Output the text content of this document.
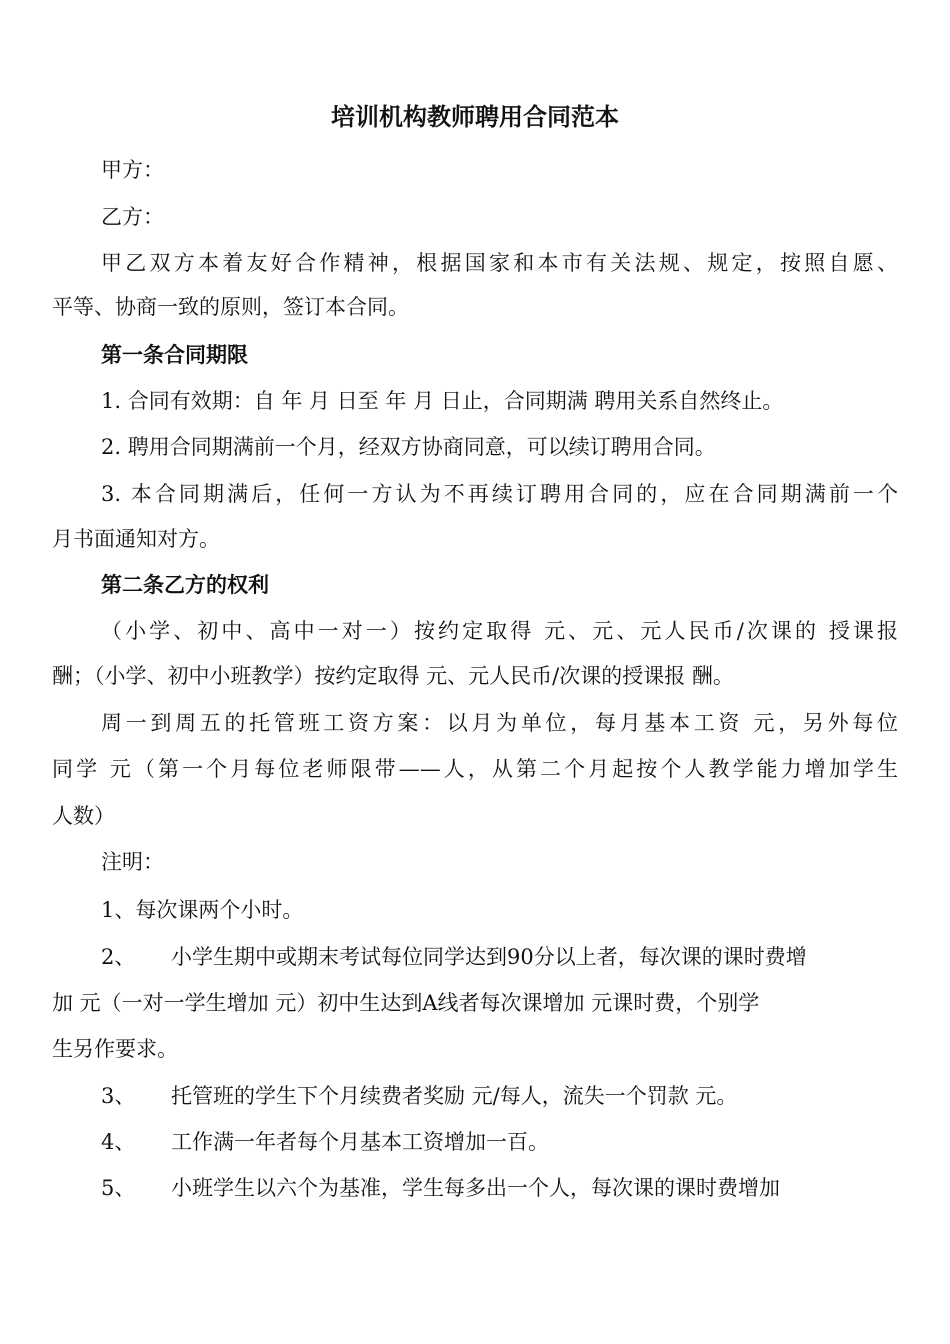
培训机构教师聘用合同范本
甲方：
乙方：
甲乙双方本着友好合作精神，根据国家和本市有关法规、规定，按照自愿、
平等、协商一致的原则，签订本合同。
第一条合同期限
1. 合同有效期：自 年 月 日至 年 月 日止，合同期满 聘用关系自然终止。
2. 聘用合同期满前一个月，经双方协商同意，可以续订聘用合同。
3. 本合同期满后，任何一方认为不再续订聘用合同的，应在合同期满前一个
月书面通知对方。
第二条乙方的权利
（小学、初中、高中一对一）按约定取得 元、元、元人民币/次课的 授课报
酬；（小学、初中小班教学）按约定取得 元、元人民币/次课的授课报 酬。
周一到周五的托管班工资方案：以月为单位，每月基本工资 元，另外每位
同学 元（第一个月每位老师限带——人，从第二个月起按个人教学能力增加学生
人数）
注明：
1、每次课两个小时。
2、 小学生期中或期末考试每位同学达到90分以上者，每次课的课时费增
加 元（一对一学生增加 元）初中生达到A线者每次课增加 元课时费，个别学
生另作要求。
3、 托管班的学生下个月续费者奖励 元/每人，流失一个罚款 元。
4、 工作满一年者每个月基本工资增加一百。
5、 小班学生以六个为基准，学生每多出一个人，每次课的课时费增加
